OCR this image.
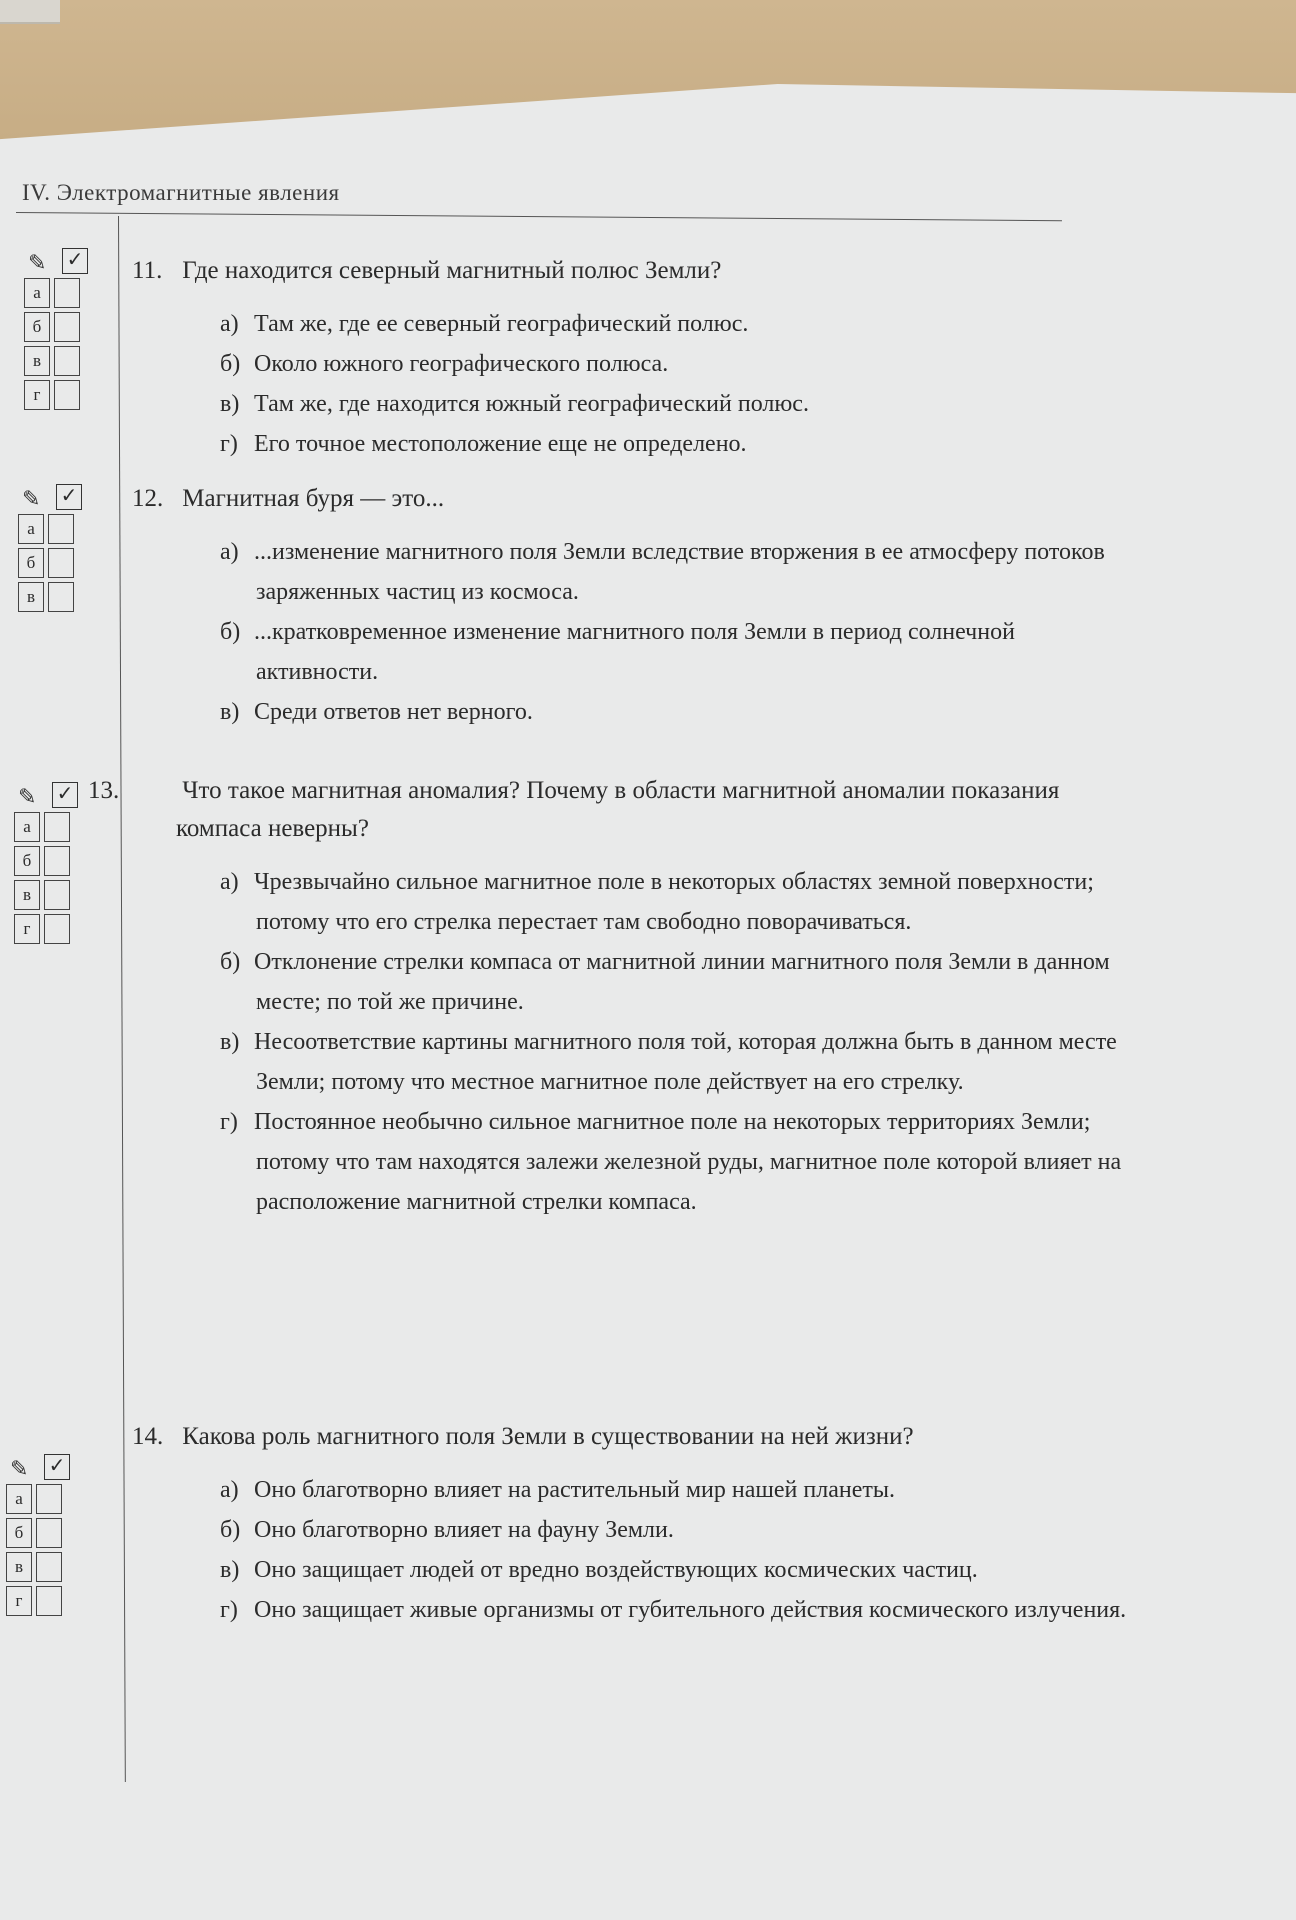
IV. Электромагнитные явления
✎ ✓
а
б
в
г
✎ ✓
а
б
в
✎ ✓
а
б
в
г
✎ ✓
а
б
в
г
11. Где находится северный магнитный полюс Земли?
а) Там же, где ее северный географический полюс.
б) Около южного географического полюса.
в) Там же, где находится южный географический полюс.
г) Его точное местоположение еще не определено.
12. Магнитная буря — это...
а) ...изменение магнитного поля Земли вследствие вторжения в ее атмосферу потоков заряженных частиц из космоса.
б) ...кратковременное изменение магнитного поля Земли в период солнечной активности.
в) Среди ответов нет верного.
13.	Что такое магнитная аномалия? Почему в области магнитной аномалии показания компаса неверны?
а) Чрезвычайно сильное магнитное поле в некоторых областях земной поверхности; потому что его стрелка перестает там свободно поворачиваться.
б) Отклонение стрелки компаса от магнитной линии магнитного поля Земли в данном месте; по той же причине.
в) Несоответствие картины магнитного поля той, которая должна быть в данном месте Земли; потому что местное магнитное поле действует на его стрелку.
г) Постоянное необычно сильное магнитное поле на некоторых территориях Земли; потому что там находятся залежи железной руды, магнитное поле которой влияет на расположение магнитной стрелки компаса.
14. Какова роль магнитного поля Земли в существовании на ней жизни?
а) Оно благотворно влияет на растительный мир нашей планеты.
б) Оно благотворно влияет на фауну Земли.
в) Оно защищает людей от вредно воздействующих космических частиц.
г) Оно защищает живые организмы от губительного действия космического излучения.
